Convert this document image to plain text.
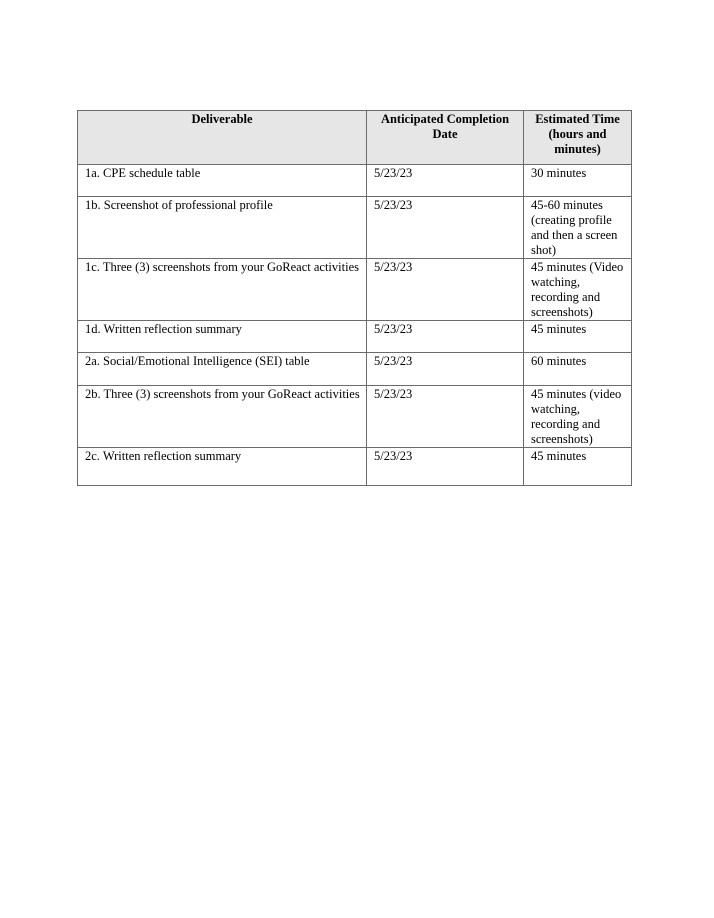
Deliverable	Anticipated Completion Date	Estimated Time (hours and minutes)
1a. CPE schedule table	5/23/23	30 minutes
1b. Screenshot of professional profile	5/23/23	45-60 minutes (creating profile and then a screen shot)
1c. Three (3) screenshots from your GoReact activities	5/23/23	45 minutes (Video watching, recording and screenshots)
1d. Written reflection summary	5/23/23	45 minutes
2a. Social/Emotional Intelligence (SEI) table	5/23/23	60 minutes
2b. Three (3) screenshots from your GoReact activities	5/23/23	45 minutes (video watching, recording and screenshots)
2c. Written reflection summary	5/23/23	45 minutes
